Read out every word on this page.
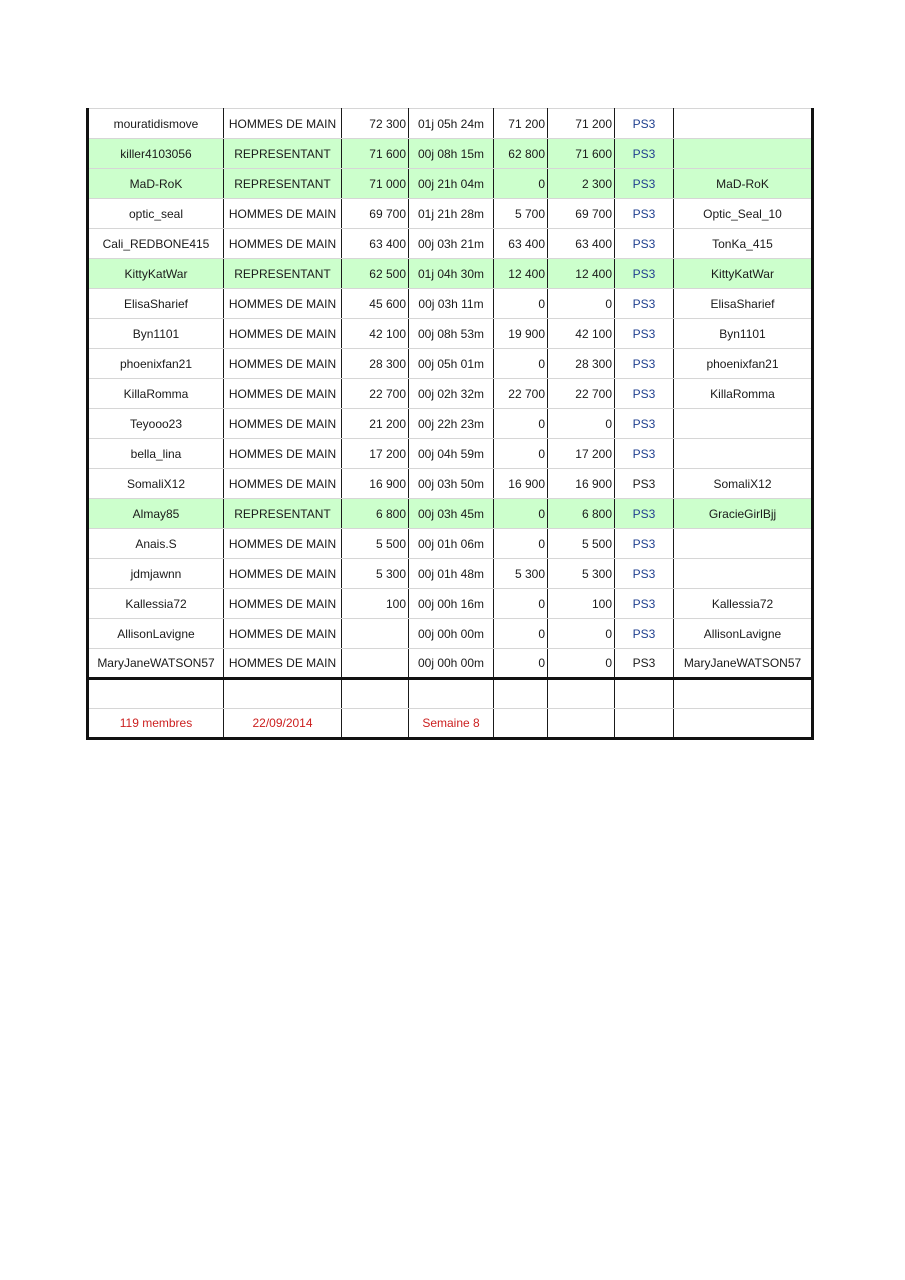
mouratidismove	HOMMES DE MAIN	72 300	01j 05h 24m	71 200	71 200	PS3	
killer4103056	REPRESENTANT	71 600	00j 08h 15m	62 800	71 600	PS3	
MaD-RoK	REPRESENTANT	71 000	00j 21h 04m	0	2 300	PS3	MaD-RoK
optic_seal	HOMMES DE MAIN	69 700	01j 21h 28m	5 700	69 700	PS3	Optic_Seal_10
Cali_REDBONE415	HOMMES DE MAIN	63 400	00j 03h 21m	63 400	63 400	PS3	TonKa_415
KittyKatWar	REPRESENTANT	62 500	01j 04h 30m	12 400	12 400	PS3	KittyKatWar
ElisaSharief	HOMMES DE MAIN	45 600	00j 03h 11m	0	0	PS3	ElisaSharief
Byn1101	HOMMES DE MAIN	42 100	00j 08h 53m	19 900	42 100	PS3	Byn1101
phoenixfan21	HOMMES DE MAIN	28 300	00j 05h 01m	0	28 300	PS3	phoenixfan21
KillaRomma	HOMMES DE MAIN	22 700	00j 02h 32m	22 700	22 700	PS3	KillaRomma
Teyooo23	HOMMES DE MAIN	21 200	00j 22h 23m	0	0	PS3	
bella_lina	HOMMES DE MAIN	17 200	00j 04h 59m	0	17 200	PS3	
SomaliX12	HOMMES DE MAIN	16 900	00j 03h 50m	16 900	16 900	PS3	SomaliX12
Almay85	REPRESENTANT	6 800	00j 03h 45m	0	6 800	PS3	GracieGirlBjj
Anais.S	HOMMES DE MAIN	5 500	00j 01h 06m	0	5 500	PS3	
jdmjawnn	HOMMES DE MAIN	5 300	00j 01h 48m	5 300	5 300	PS3	
Kallessia72	HOMMES DE MAIN	100	00j 00h 16m	0	100	PS3	Kallessia72
AllisonLavigne	HOMMES DE MAIN		00j 00h 00m	0	0	PS3	AllisonLavigne
MaryJaneWATSON57	HOMMES DE MAIN		00j 00h 00m	0	0	PS3	MaryJaneWATSON57

119 membres	22/09/2014		Semaine 8				
